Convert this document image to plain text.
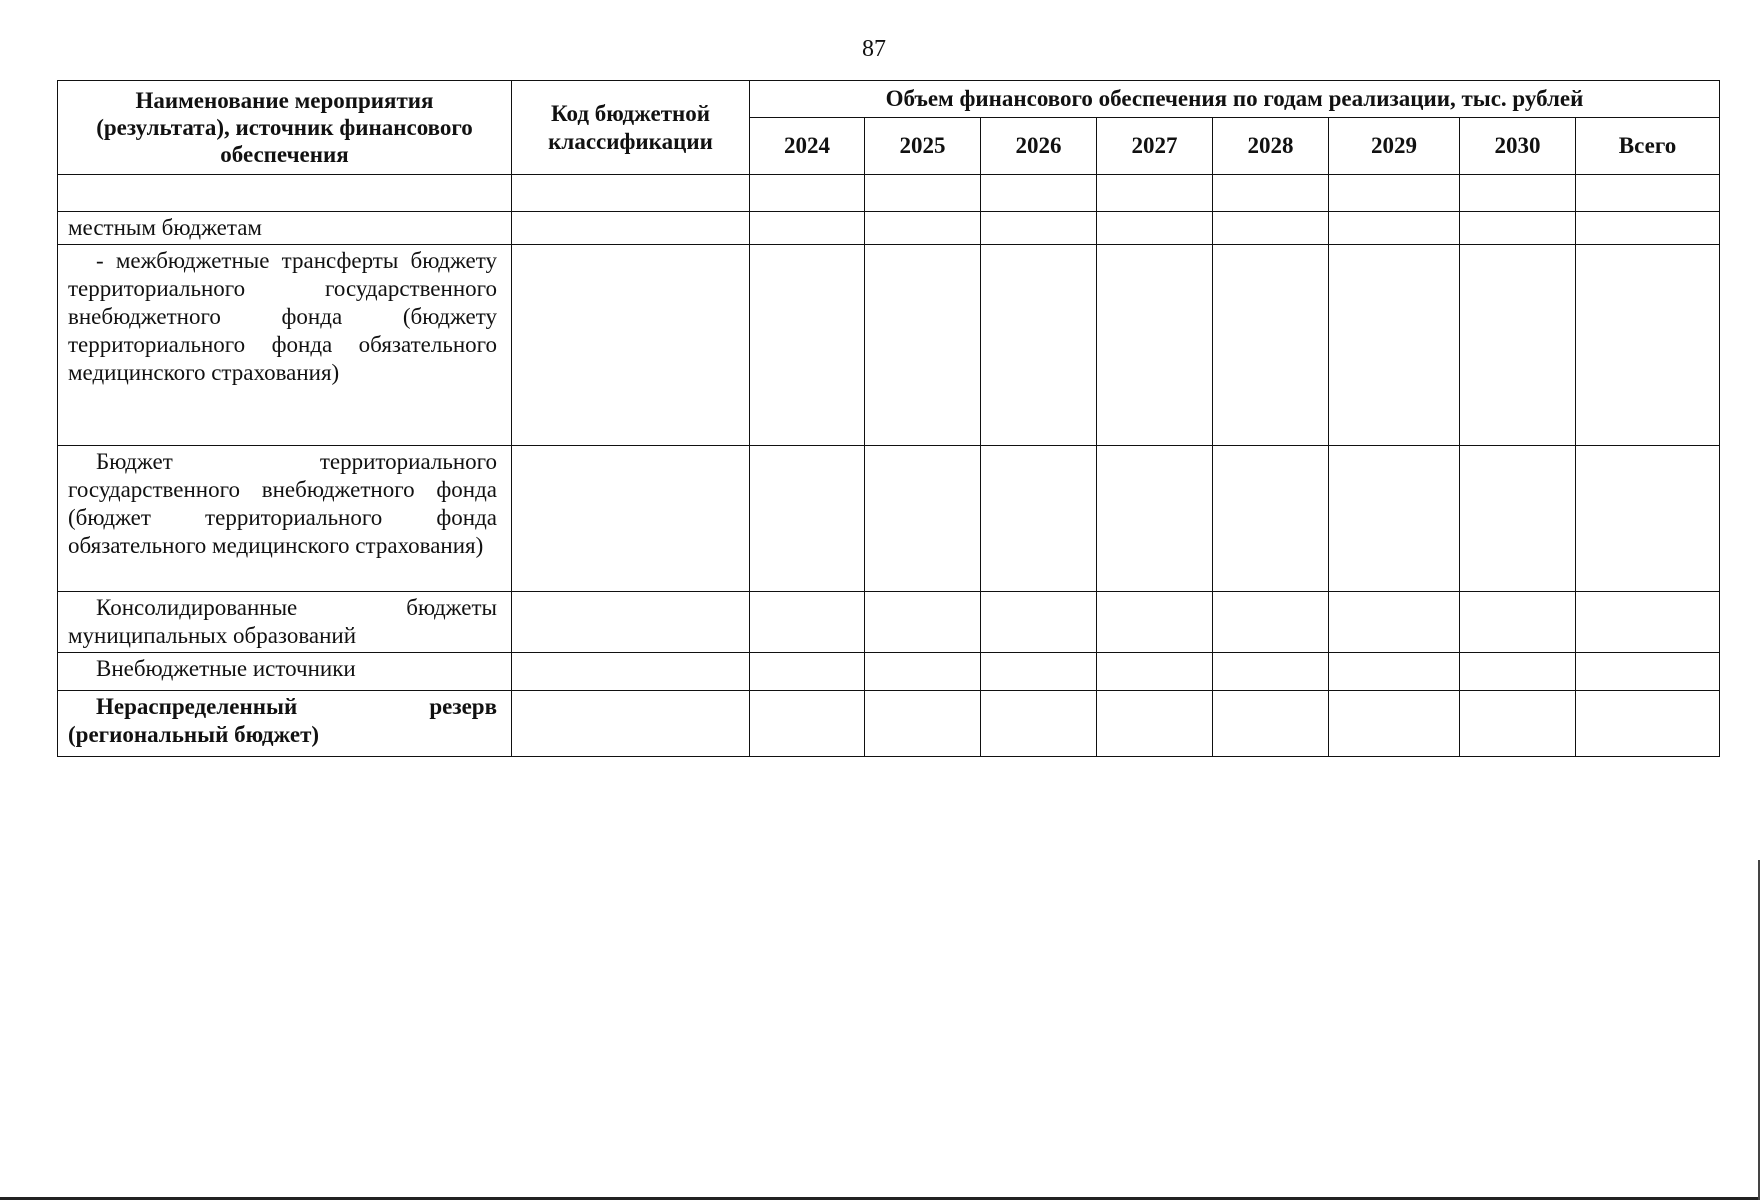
87
Наименование мероприятия (результата), источник финансового обеспечения	Код бюджетной классификации	Объем финансового обеспечения по годам реализации, тыс. рублей							
		2024	2025	2026	2027	2028	2029	2030	Всего

местным бюджетам									
- межбюджетные трансферты бюджету территориального государственного внебюджетного фонда (бюджету территориального фонда обязательного медицинского страхования)									
Бюджет территориального государственного внебюджетного фонда (бюджет территориального фонда обязательного медицинского страхования)									
Консолидированные бюджеты муниципальных образований									
Внебюджетные источники									
Нераспределенный резерв (региональный бюджет)									
